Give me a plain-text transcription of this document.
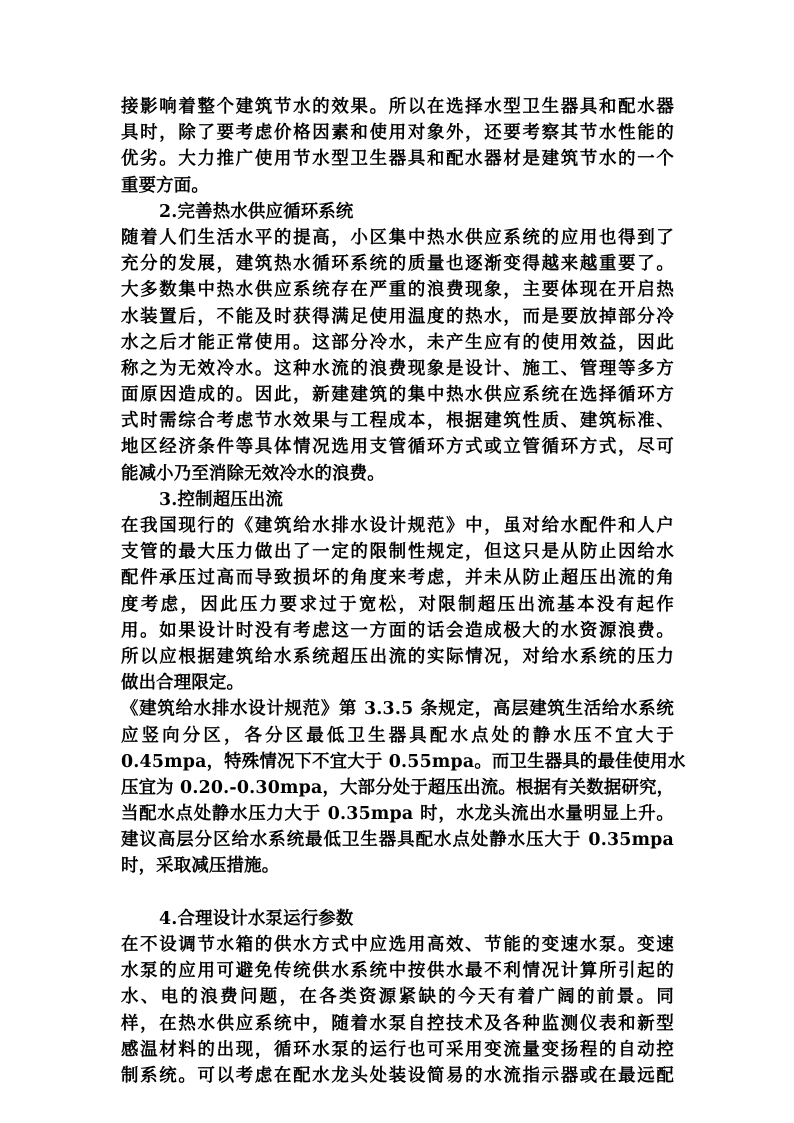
接影响着整个建筑节水的效果。所以在选择水型卫生器具和配水器
具时，除了要考虑价格因素和使用对象外，还要考察其节水性能的
优劣。大力推广使用节水型卫生器具和配水器材是建筑节水的一个
重要方面。
2.完善热水供应循环系统
随着人们生活水平的提高，小区集中热水供应系统的应用也得到了
充分的发展，建筑热水循环系统的质量也逐渐变得越来越重要了。
大多数集中热水供应系统存在严重的浪费现象，主要体现在开启热
水装置后，不能及时获得满足使用温度的热水，而是要放掉部分冷
水之后才能正常使用。这部分冷水，未产生应有的使用效益，因此
称之为无效冷水。这种水流的浪费现象是设计、施工、管理等多方
面原因造成的。因此，新建建筑的集中热水供应系统在选择循环方
式时需综合考虑节水效果与工程成本，根据建筑性质、建筑标准、
地区经济条件等具体情况选用支管循环方式或立管循环方式，尽可
能减小乃至消除无效冷水的浪费。
3.控制超压出流
在我国现行的《建筑给水排水设计规范》中，虽对给水配件和人户
支管的最大压力做出了一定的限制性规定，但这只是从防止因给水
配件承压过高而导致损坏的角度来考虑，并未从防止超压出流的角
度考虑，因此压力要求过于宽松，对限制超压出流基本没有起作
用。如果设计时没有考虑这一方面的话会造成极大的水资源浪费。
所以应根据建筑给水系统超压出流的实际情况，对给水系统的压力
做出合理限定。
《建筑给水排水设计规范》第 3.3.5 条规定，高层建筑生活给水系统
应竖向分区，各分区最低卫生器具配水点处的静水压不宜大于
0.45mpa，特殊情况下不宜大于 0.55mpa。而卫生器具的最佳使用水
压宜为 0.20.-0.30mpa，大部分处于超压出流。根据有关数据研究，
当配水点处静水压力大于 0.35mpa 时，水龙头流出水量明显上升。
建议高层分区给水系统最低卫生器具配水点处静水压大于 0.35mpa
时，采取减压措施。
4.合理设计水泵运行参数
在不设调节水箱的供水方式中应选用高效、节能的变速水泵。变速
水泵的应用可避免传统供水系统中按供水最不利情况计算所引起的
水、电的浪费问题，在各类资源紧缺的今天有着广阔的前景。同
样，在热水供应系统中，随着水泵自控技术及各种监测仪表和新型
感温材料的出现，循环水泵的运行也可采用变流量变扬程的自动控
制系统。可以考虑在配水龙头处装设简易的水流指示器或在最远配
